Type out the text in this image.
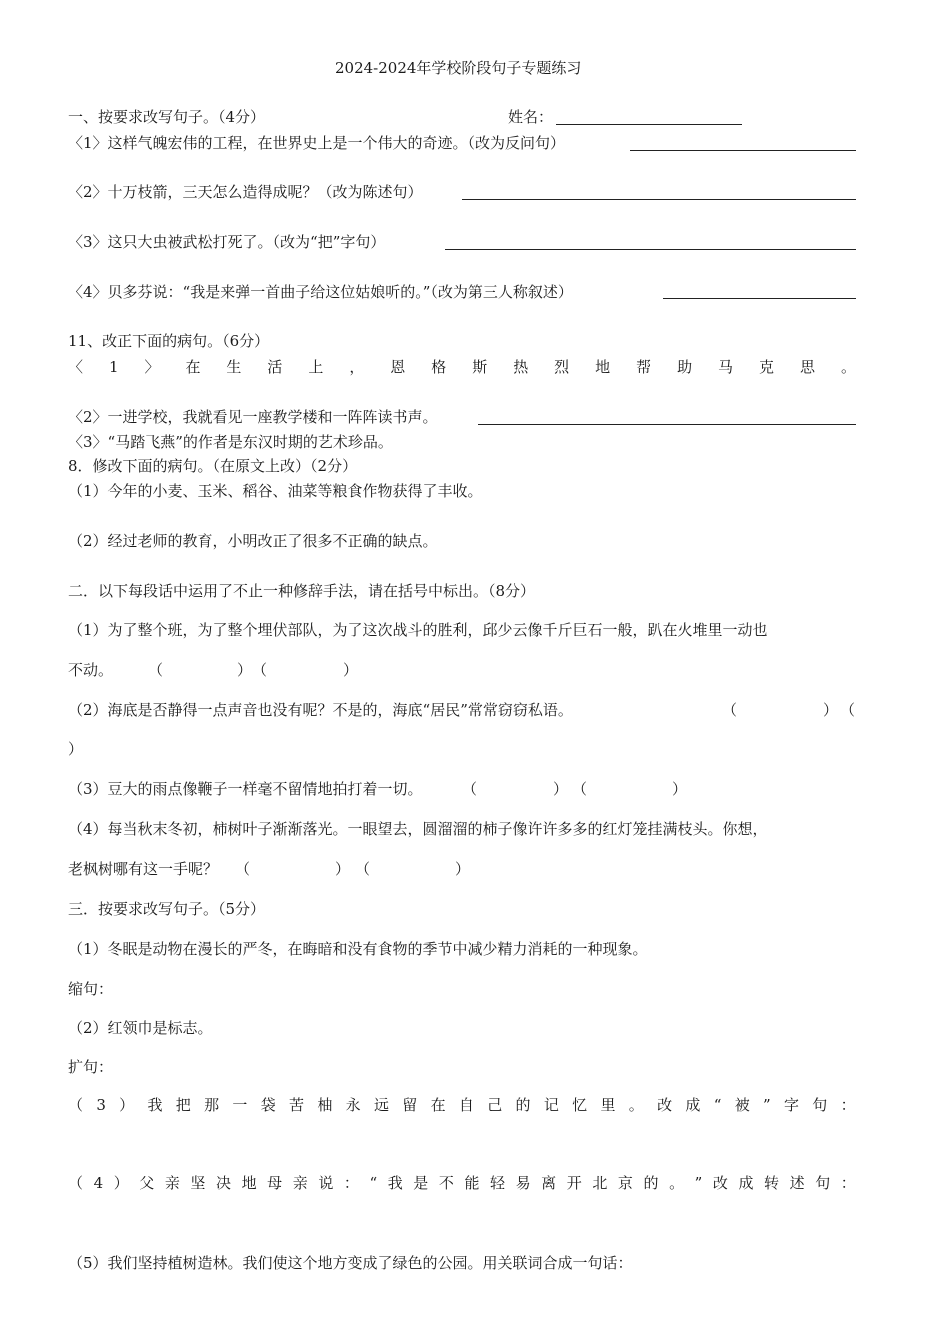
2024-2024年学校阶段句子专题练习
一、按要求改写句子。（4分）	姓名：
〈1〉这样气魄宏伟的工程，在世界史上是一个伟大的奇迹。（改为反问句）
〈2〉十万枝箭，三天怎么造得成呢？（改为陈述句）
〈3〉这只大虫被武松打死了。（改为“把”字句）
〈4〉贝多芬说：“我是来弹一首曲子给这位姑娘听的。”（改为第三人称叙述）
11、改正下面的病句。（6分）
〈 1 〉 在 生 活 上 ， 恩 格 斯 热 烈 地 帮 助 马 克 思 。
〈2〉一进学校，我就看见一座教学楼和一阵阵读书声。
〈3〉“马踏飞燕”的作者是东汉时期的艺术珍品。
8．修改下面的病句。（在原文上改）（2分）
（1）今年的小麦、玉米、稻谷、油菜等粮食作物获得了丰收。
（2）经过老师的教育，小明改正了很多不正确的缺点。
二．以下每段话中运用了不止一种修辞手法，请在括号中标出。（8分）
（1）为了整个班，为了整个埋伏部队，为了这次战斗的胜利，邱少云像千斤巨石一般，趴在火堆里一动也
不动。 （	） （	）
（2）海底是否静得一点声音也没有呢？不是的，海底“居民”常常窃窃私语。	（	） （
）
（3）豆大的雨点像鞭子一样毫不留情地拍打着一切。	（	） （	）
（4）每当秋末冬初，柿树叶子渐渐落光。一眼望去，圆溜溜的柿子像许许多多的红灯笼挂满枝头。你想，
老枫树哪有这一手呢？ （	） （	）
三．按要求改写句子。（5分）
（1）冬眠是动物在漫长的严冬，在晦暗和没有食物的季节中减少精力消耗的一种现象。
缩句：
（2）红领巾是标志。
扩句：
（ 3 ） 我 把 那 一 袋 苦 柚 永 远 留 在 自 己 的 记 忆 里 。 改 成 “ 被 ” 字 句 ：
（ 4 ） 父 亲 坚 决 地 母 亲 说 ： “ 我 是 不 能 轻 易 离 开 北 京 的 。 ” 改 成 转 述 句 ：
（5）我们坚持植树造林。我们使这个地方变成了绿色的公园。用关联词合成一句话：
